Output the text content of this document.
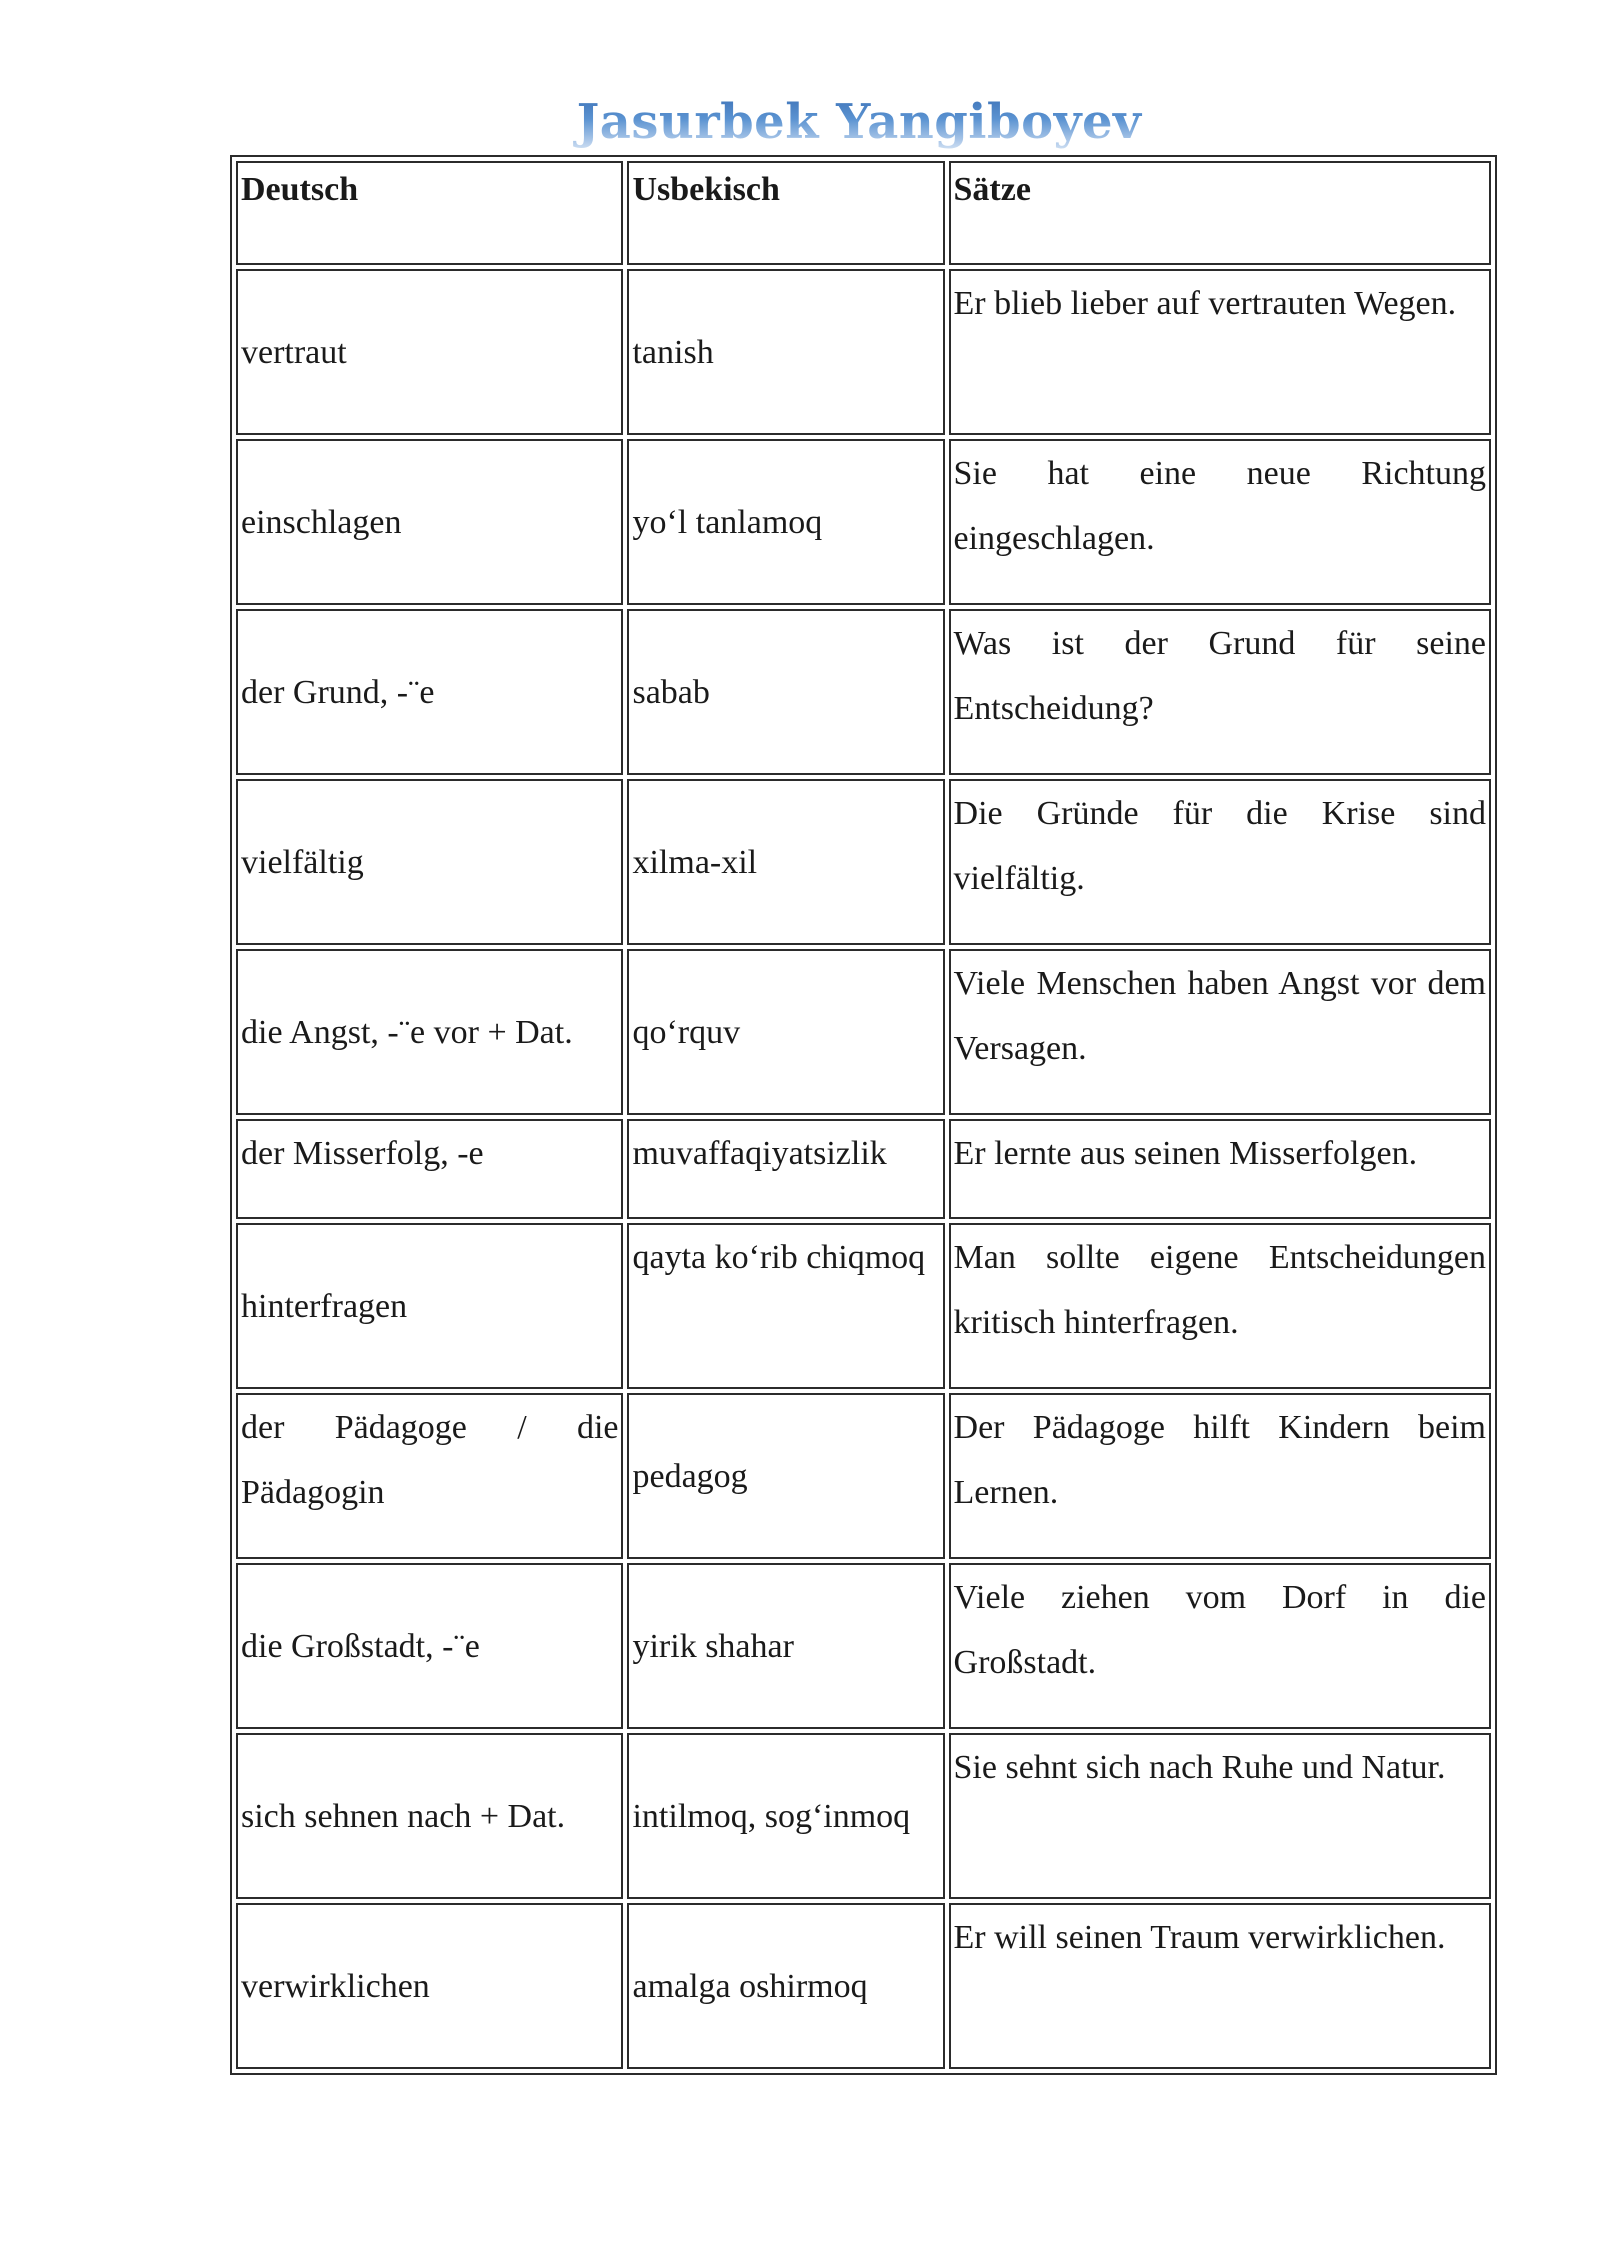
Jasurbek Yangiboyev
Deutsch	Usbekisch	Sätze
vertraut	tanish	Er blieb lieber auf vertrauten Wegen.
einschlagen	yo‘l tanlamoq	Sie hat eine neue Richtung eingeschlagen.
der Grund, -¨e	sabab	Was ist der Grund für seine Entscheidung?
vielfältig	xilma-xil	Die Gründe für die Krise sind vielfältig.
die Angst, -¨e vor + Dat.	qo‘rquv	Viele Menschen haben Angst vor dem Versagen.
der Misserfolg, -e	muvaffaqiyatsizlik	Er lernte aus seinen Misserfolgen.
hinterfragen	qayta ko‘rib chiqmoq	Man sollte eigene Entscheidungen kritisch hinterfragen.
der Pädagoge / die Pädagogin	pedagog	Der Pädagoge hilft Kindern beim Lernen.
die Großstadt, -¨e	yirik shahar	Viele ziehen vom Dorf in die Großstadt.
sich sehnen nach + Dat.	intilmoq, sog‘inmoq	Sie sehnt sich nach Ruhe und Natur.
verwirklichen	amalga oshirmoq	Er will seinen Traum verwirklichen.
